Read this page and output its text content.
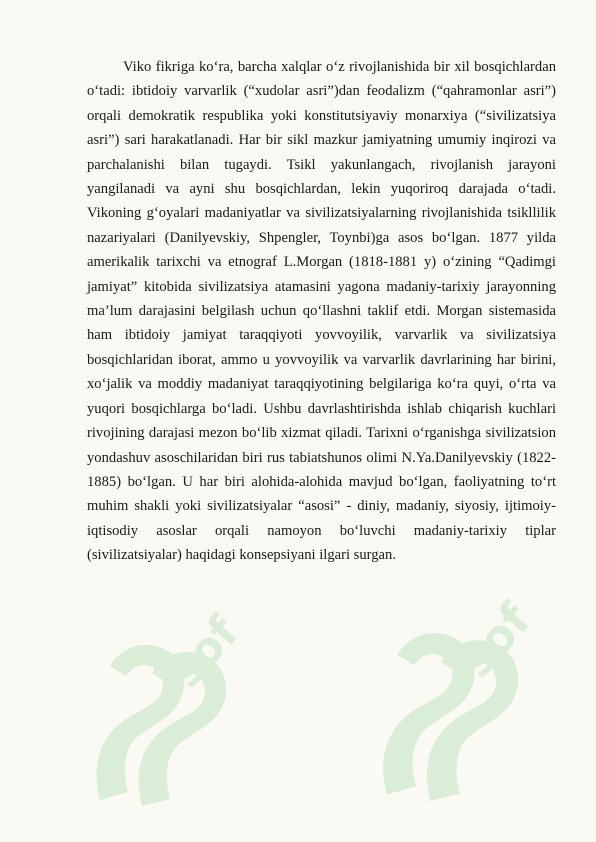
sof	sof

Viko fikriga ko‘ra, barcha xalqlar o‘z rivojlanishida bir xil bosqichlardan o‘tadi: ibtidoiy varvarlik (“xudolar asri”)dan feodalizm (“qahramonlar asri”) orqali demokratik respublika yoki konstitutsiyaviy monarxiya (“sivilizatsiya asri”) sari harakatlanadi. Har bir sikl mazkur jamiyatning umumiy inqirozi va parchalanishi bilan tugaydi. Tsikl yakunlangach, rivojlanish jarayoni yangilanadi va ayni shu bosqichlardan, lekin yuqoriroq darajada o‘tadi. Vikoning g‘oyalari madaniyatlar va sivilizatsiyalarning rivojlanishida tsikllilik nazariyalari (Danilyevskiy, Shpengler, Toynbi)ga asos bo‘lgan. 1877 yilda amerikalik tarixchi va etnograf L.Morgan (1818-1881 y) o‘zining “Qadimgi jamiyat” kitobida sivilizatsiya atamasini yagona madaniy-tarixiy jarayonning ma’lum darajasini belgilash uchun qo‘llashni taklif etdi. Morgan sistemasida ham ibtidoiy jamiyat taraqqiyoti yovvoyilik, varvarlik va sivilizatsiya bosqichlaridan iborat, ammo u yovvoyilik va varvarlik davrlarining har birini, xo‘jalik va moddiy madaniyat taraqqiyotining belgilariga ko‘ra quyi, o‘rta va yuqori bosqichlarga bo‘ladi. Ushbu davrlashtirishda ishlab chiqarish kuchlari rivojining darajasi mezon bo‘lib xizmat qiladi. Tarixni o‘rganishga sivilizatsion yondashuv asoschilaridan biri rus tabiatshunos olimi N.Ya.Danilyevskiy (1822-1885) bo‘lgan. U har biri alohida-alohida mavjud bo‘lgan, faoliyatning to‘rt muhim shakli yoki sivilizatsiyalar “asosi” - diniy, madaniy, siyosiy, ijtimoiy-iqtisodiy asoslar orqali namoyon bo‘luvchi madaniy-tarixiy tiplar (sivilizatsiyalar) haqidagi konsepsiyani ilgari surgan.
